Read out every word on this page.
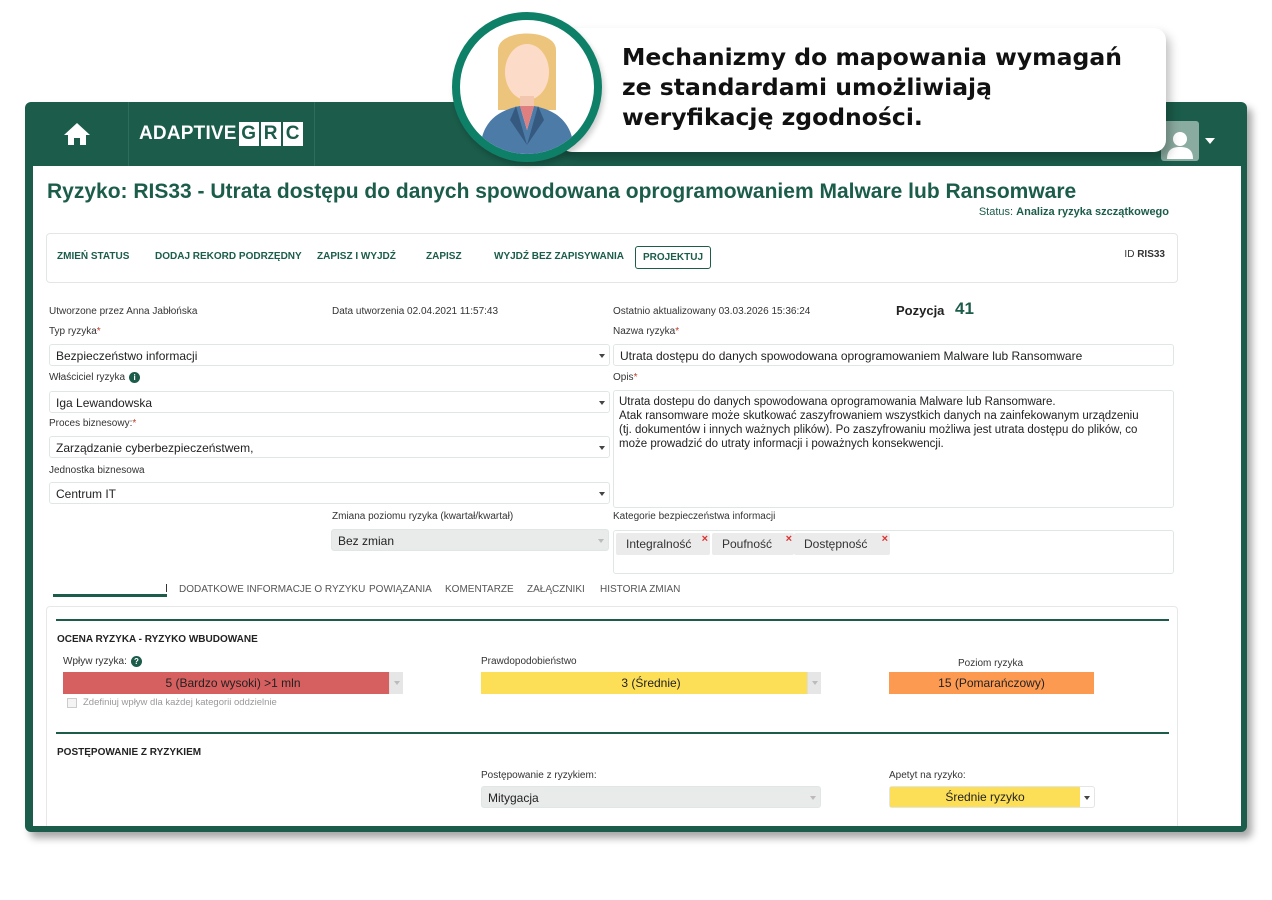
ADAPTIVE G R C
Ryzyko: RIS33 - Utrata dostępu do danych spowodowana oprogramowaniem Malware lub Ransomware
Status: Analiza ryzyka szczątkowego
ZMIEŃ STATUS	DODAJ REKORD PODRZĘDNY ZAPISZ I WYJDŹ	ZAPISZ	WYJDŹ BEZ ZAPISYWANIA	PROJEKTUJ	ID RIS33
Utworzone przez Anna Jabłońska	Data utworzenia 02.04.2021 11:57:43	Ostatnio aktualizowany 03.03.2026 15:36:24	Pozycja 41
Typ ryzyka*
Bezpieczeństwo informacji
Właściciel ryzyka i
Iga Lewandowska
Proces biznesowy:*
Zarządzanie cyberbezpieczeństwem,
Jednostka biznesowa
Centrum IT
Zmiana poziomu ryzyka (kwartał/kwartał)
Bez zmian
Nazwa ryzyka*
Utrata dostępu do danych spowodowana oprogramowaniem Malware lub Ransomware
Opis*
Utrata dostepu do danych spowodowana oprogramowania Malware lub Ransomware.
Atak ransomware może skutkować zaszyfrowaniem wszystkich danych na zainfekowanym urządzeniu
(tj. dokumentów i innych ważnych plików). Po zaszyfrowaniu możliwa jest utrata dostępu do plików, co
może prowadzić do utraty informacji i poważnych konsekwencji.
Kategorie bezpieczeństwa informacji
Integralność ×	Poufność ×	Dostępność ×
DODATKOWE INFORMACJE O RYZYKU POWIĄZANIA KOMENTARZE ZAŁĄCZNIKI HISTORIA ZMIAN
OCENA RYZYKA - RYZYKO WBUDOWANE
Wpływ ryzyka: ?
5 (Bardzo wysoki) >1 mln
Zdefiniuj wpływ dla każdej kategorii oddzielnie
Prawdopodobieństwo
3 (Średnie)
Poziom ryzyka
15 (Pomarańczowy)
POSTĘPOWANIE Z RYZYKIEM
Postępowanie z ryzykiem:
Mitygacja
Apetyt na ryzyko:
Średnie ryzyko
Mechanizmy do mapowania wymagań
ze standardami umożliwiają
weryfikację zgodności.
